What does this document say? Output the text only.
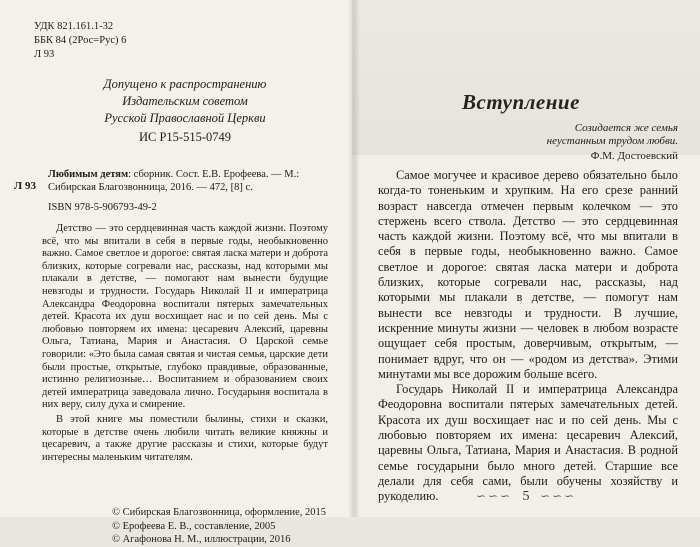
УДК 821.161.1-32
ББК 84 (2Рос=Рус) 6
Л 93
Допущено к распространению
Издательским советом
Русской Православной Церкви
ИС Р15-515-0749
Л 93
Любимым детям: сборник. Сост. Е.В. Ерофеева. — М.: Сибирская Благозвонница, 2016. — 472, [8] с.
ISBN 978-5-906793-49-2

Детство — это сердцевинная часть каждой жизни. Поэтому всё, что мы впитали в себя в первые годы, необыкновенно важно. Самое светлое и дорогое: святая ласка матери и доброта близких, которые согревали нас, рассказы, над которыми мы плакали в детстве, — помогают нам вынести будущие невзгоды и трудности. Государь Николай II и императрица Александра Феодоровна воспитали пятерых замечательных детей. Красота их душ восхищает нас и по сей день. Мы с любовью повторяем их имена: цесаревич Алексий, царевны Ольга, Татиана, Мария и Анастасия. О Царской семье говорили: «Это была самая святая и чистая семья, царские дети были простые, открытые, глубоко правдивые, образованные, истинно религиозные… Воспитанием и образованием своих детей императрица заведовала лично. Государыня воспитала в них веру, силу духа и смирение.

В этой книге мы поместили былины, стихи и сказки, которые в детстве очень любили читать великие княжны и цесаревич, а также другие рассказы и стихи, которые будут интересны маленьким читателям.

© Сибирская Благозвонница, оформление, 2015
© Ерофеева Е. В., составление, 2005
© Агафонова Н. М., иллюстрации, 2016
Вступление
Созидается же семья
неустанным трудом любви.
Ф.М. Достоевский

Самое могучее и красивое дерево обязательно было когда-то тоненьким и хрупким. На его срезе ранний возраст навсегда отмечен первым колечком — это стержень всего ствола. Детство — это сердцевинная часть каждой жизни. Поэтому всё, что мы впитали в себя в первые годы, необыкновенно важно. Самое светлое и дорогое: святая ласка матери и доброта близких, которые согревали нас, рассказы, над которыми мы плакали в детстве, — помогут нам вынести все невзгоды и трудности. В лучшие, искренние минуты жизни — человек в любом возрасте ощущает себя простым, доверчивым, открытым, — понимает вдруг, что он — «родом из детства». Этими минутами мы все дорожим больше всего.

Государь Николай II и императрица Александра Феодоровна воспитали пятерых замечательных детей. Красота их душ восхищает нас и по сей день. Мы с любовью повторяем их имена: цесаревич Алексий, царевны Ольга, Татиана, Мария и Анастасия. В родной семье государыни было много детей. Старшие все делали для себя сами, были обучены хозяйству и рукоделию.	∽∽∽ 5 ∽∽∽
